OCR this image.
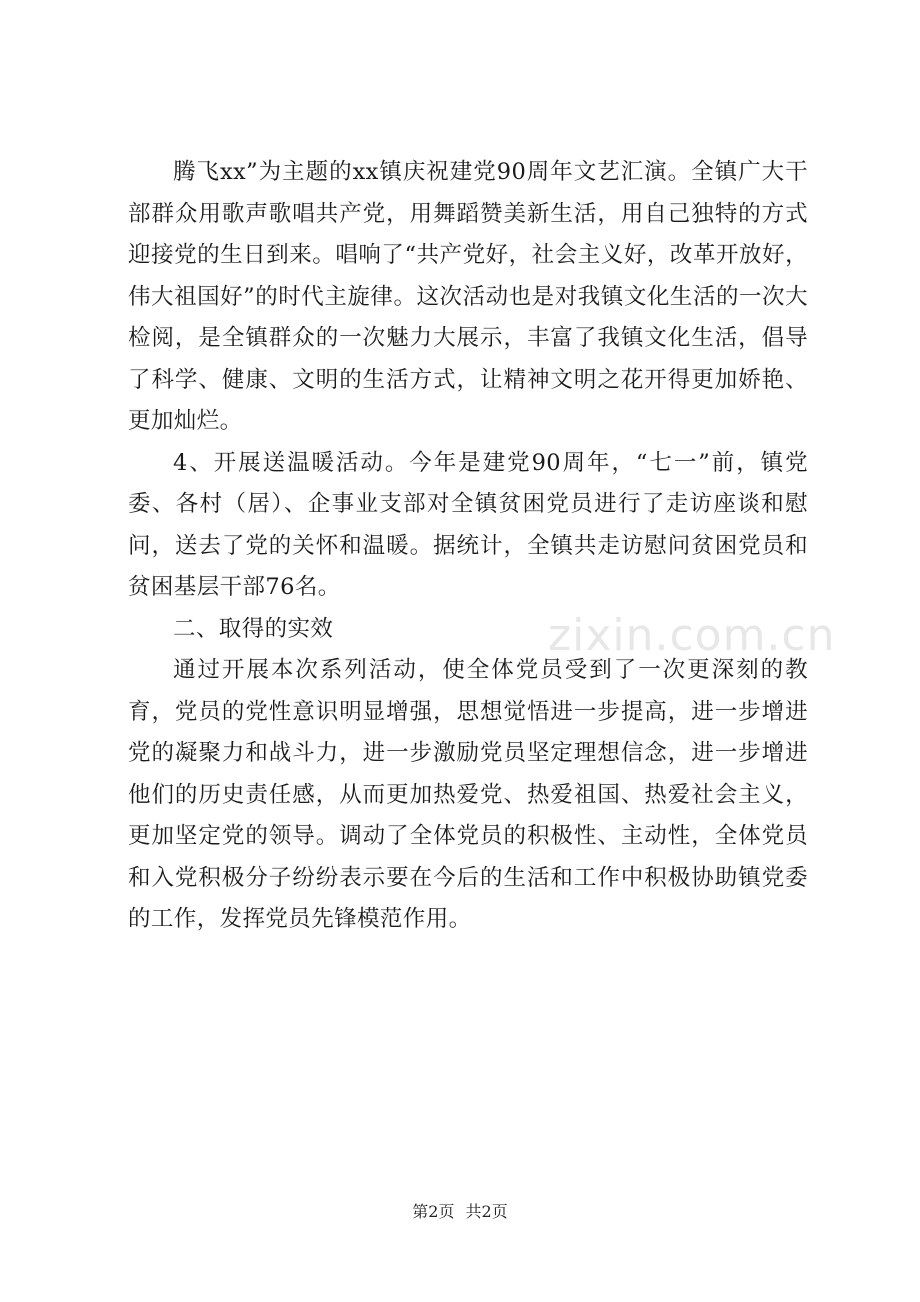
腾飞xx”为主题的xx镇庆祝建党90周年文艺汇演。全镇广大干部群众用歌声歌唱共产党，用舞蹈赞美新生活，用自己独特的方式迎接党的生日到来。唱响了“共产党好，社会主义好，改革开放好，伟大祖国好”的时代主旋律。这次活动也是对我镇文化生活的一次大检阅，是全镇群众的一次魅力大展示，丰富了我镇文化生活，倡导了科学、健康、文明的生活方式，让精神文明之花开得更加娇艳、更加灿烂。

4、开展送温暖活动。今年是建党90周年，“七一”前，镇党委、各村（居）、企事业支部对全镇贫困党员进行了走访座谈和慰问，送去了党的关怀和温暖。据统计，全镇共走访慰问贫困党员和贫困基层干部76名。

二、取得的实效

通过开展本次系列活动，使全体党员受到了一次更深刻的教育，党员的党性意识明显增强，思想觉悟进一步提高，进一步增进党的凝聚力和战斗力，进一步激励党员坚定理想信念，进一步增进他们的历史责任感，从而更加热爱党、热爱祖国、热爱社会主义，更加坚定党的领导。调动了全体党员的积极性、主动性，全体党员和入党积极分子纷纷表示要在今后的生活和工作中积极协助镇党委的工作，发挥党员先锋模范作用。

zixin.com.cn
第2页 共2页
